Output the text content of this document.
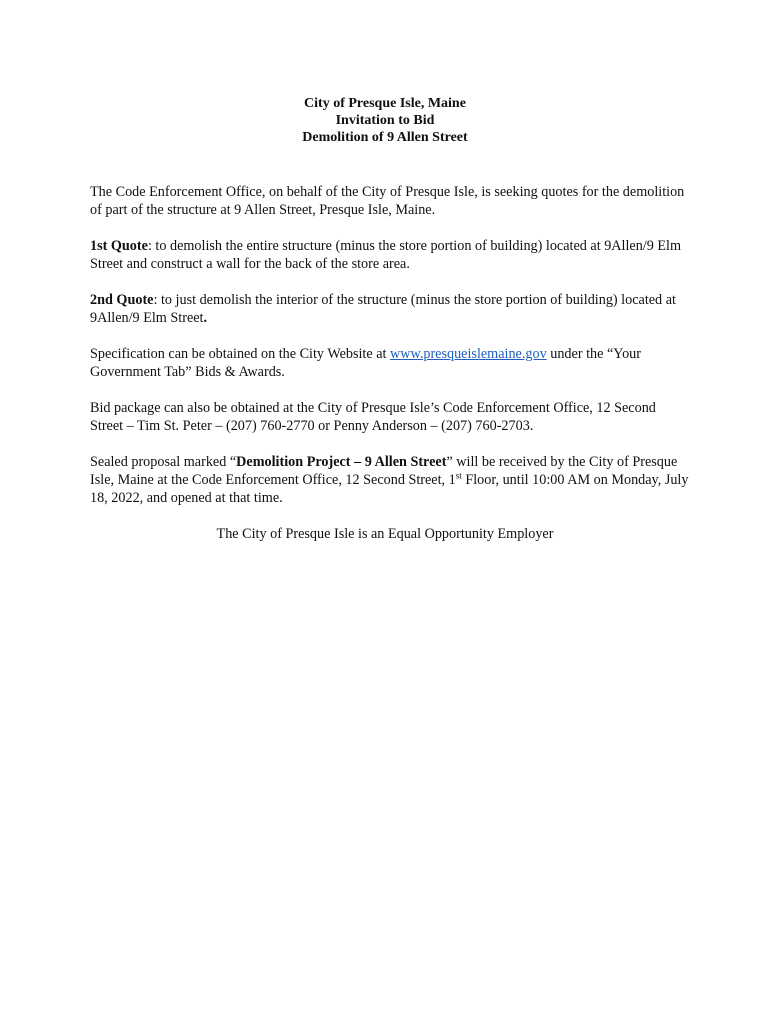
City of Presque Isle, Maine
Invitation to Bid
Demolition of 9 Allen Street

The Code Enforcement Office, on behalf of the City of Presque Isle, is seeking quotes for the demolition of part of the structure at 9 Allen Street, Presque Isle, Maine.

1st Quote: to demolish the entire structure (minus the store portion of building) located at 9Allen/9 Elm Street and construct a wall for the back of the store area.

2nd Quote: to just demolish the interior of the structure (minus the store portion of building) located at 9Allen/9 Elm Street.

Specification can be obtained on the City Website at www.presqueislemaine.gov under the “Your Government Tab” Bids & Awards.

Bid package can also be obtained at the City of Presque Isle’s Code Enforcement Office, 12 Second Street – Tim St. Peter – (207) 760-2770 or Penny Anderson – (207) 760-2703.

Sealed proposal marked “Demolition Project – 9 Allen Street” will be received by the City of Presque Isle, Maine at the Code Enforcement Office, 12 Second Street, 1st Floor, until 10:00 AM on Monday, July 18, 2022, and opened at that time.

The City of Presque Isle is an Equal Opportunity Employer
